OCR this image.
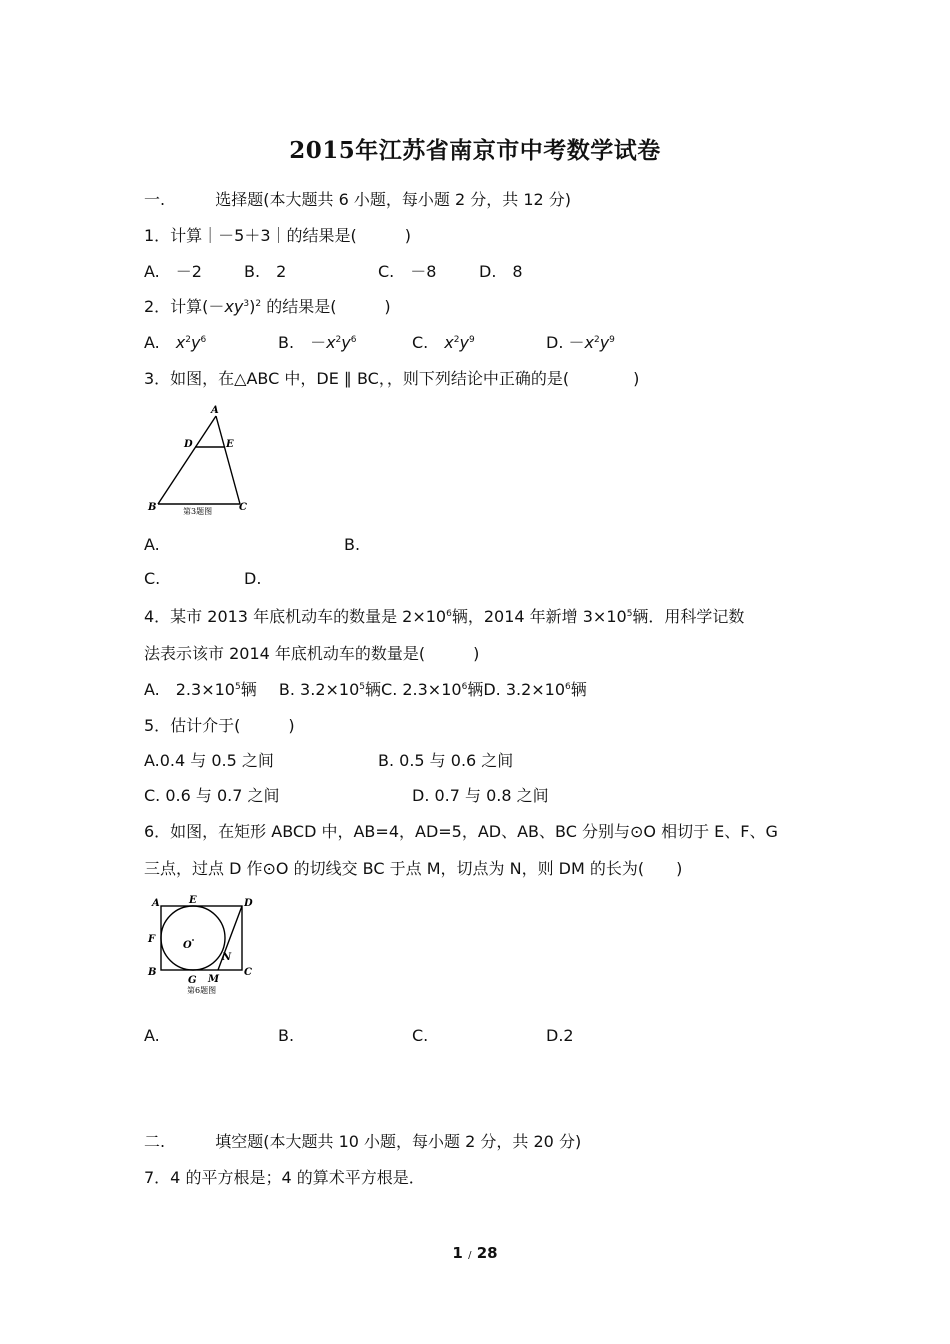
2015年江苏省南京市中考数学试卷
一.	选择题(本大题共 6 小题，每小题 2 分，共 12 分)
1．计算｜－5＋3｜的结果是(　　　)
A.　－2	B.　2	C.　－8	D.　8
2．计算$(-xy^3)^2$ 的结果是(　　　)
A.　$x^2y^6$	B.　$-x^2y^6$	C.　$x^2y^9$	D. $-x^2y^9$
3．如图，在△ABC 中，DE ∥ BC，，则下列结论中正确的是(　　　　)
A
D	E
B	C
第3题图
A.	B.
C.	D.
4．某市 2013 年底机动车的数量是 $2\times 10^6$辆，2014 年新增 $3\times 10^5$辆．用科学记数
法表示该市 2014 年底机动车的数量是(　　　)
A.　$2.3\times 10^5$辆 B. $3.2\times 10^5$辆C. $2.3\times 10^6$辆D. $3.2\times 10^6$辆
5．估计介于(　　　)
A.0.4 与 0.5 之间	B. 0.5 与 0.6 之间
C. 0.6 与 0.7 之间	D. 0.7 与 0.8 之间
6．如图，在矩形 ABCD 中，AB=4，AD=5，AD、AB、BC 分别与⊙O 相切于 E、F、G
三点，过点 D 作⊙O 的切线交 BC 于点 M，切点为 N，则 DM 的长为(　　)
A	E	D
F
O
N
B	C
G M
第6题图
A.	B.	C.	D.2
二.	填空题(本大题共 10 小题，每小题 2 分，共 20 分)
7．4 的平方根是；4 的算术平方根是．
1 / 28
